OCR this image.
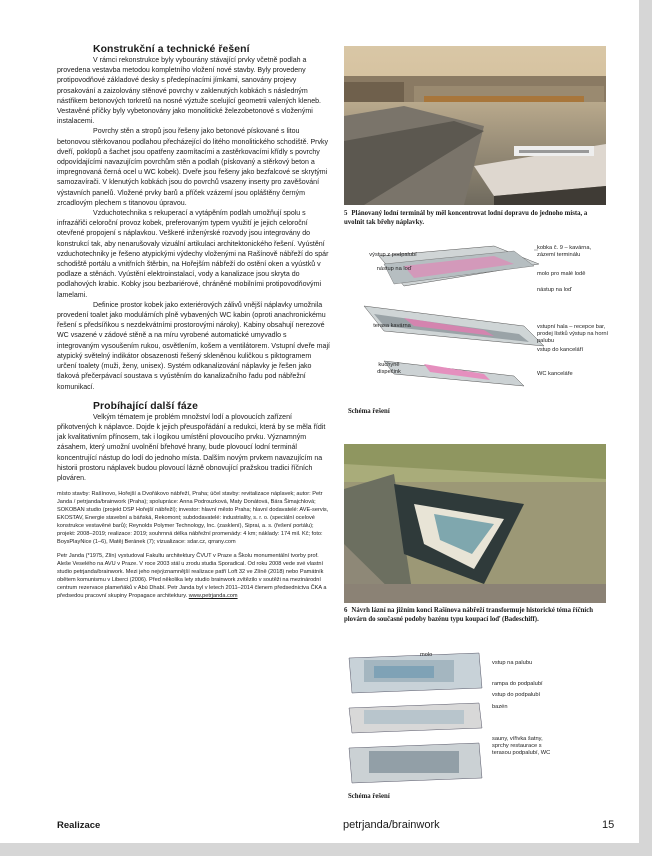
Konstrukční a technické řešení

V rámci rekonstrukce byly vybourány stávající prvky včetně podlah a provedena vestavba metodou kompletního vložení nové stavby. Byly provedeny protipovodňové základové desky s předepínacími jímkami, sanovány projevy prosakování a zaizolovány stěnové povrchy v zaklenutých kobkách s následným nástřikem betonových torkretů na nosné výztuže scelující geometrii valených kleneb. Vestavěné příčky byly vybetonovány jako monolitické železobetonové s vloženými instalacemi.

Povrchy stěn a stropů jsou řešeny jako betonové pískované s litou betonovou stěrkovanou podlahou přecházející do litého monolitického schodiště. Prvky dveří, poklopů a šachet jsou opatřeny zaomítacími a zastěrkovacími křídly s povrchy odpovídajícími navazujícím povrchům stěn a podlah (pískovaný a stěrkový beton a impregnovaná černá ocel u WC kobek). Dveře jsou řešeny jako bezfalcové se skrytými samozavírači. V klenutých kobkách jsou do povrchů vsazeny inserty pro zavěšování výstavních panelů. Vložené prvky barů a příček vzázemí jsou opláštěny černým zrcadlovým plechem s titanovou úpravou.

Vzduchotechnika s rekuperací a vytápěním podlah umožňují spolu s infrazářiči celoroční provoz kobek, preferovaným typem využití je jejich celoroční otevřené propojení s náplavkou. Veškeré inženýrské rozvody jsou integrovány do konstrukcí tak, aby nenarušovaly vizuální artikulaci architektonického řešení. Vyústění vzduchotechniky je řešeno atypickými výdechy vloženými na Rašínově nábřeží do spár schodiště portálu a vnitřních štěrbin, na Hořejším nábřeží do ostění oken a vyústků v podlaze a stěnách. Vyústění elektroinstalací, vody a kanalizace jsou skryta do podlahových krabic. Kobky jsou bezbariérové, chráněné mobilními protipovodňovými lamelami.

Definice prostor kobek jako exteriérových zálivů vnější náplavky umožnila provedení toalet jako modulárních plně vybavených WC kabin (oproti anachronickému řešení s předsíňkou s nezdekvátními prostorovými nároky). Kabiny obsahují nerezové WC vsazené v zádové stěně a na míru vyrobené automatické umyvadlo s integrovaným vysoušením rukou, osvětlením, košem a ventilátorem. Vstupní dveře mají atypický světelný indikátor obsazenosti řešený skleněnou kuličkou s piktogramem určení toalety (muži, ženy, unisex). Systém odkanalizování náplavky je řešen jako tlaková přečerpávací soustava s vyústěním do kanalizačního řadu pod nábřežní komunikací.

Probíhající další fáze

Velkým tématem je problém množství lodí a plovoucích zařízení přikotvených k náplavce. Dojde k jejich přeuspořádání a redukci, která by se měla řídit jak kvalitativním přínosem, tak i logikou umístění plovoucího prvku. Významným zásahem, který umožní uvolnění břehové hrany, bude plovoucí lodní terminál koncentrující nástup do lodí do jednoho místa. Dalším novým prvkem navazujícím na historii prostoru náplavek budou plovoucí lázně obnovující pražskou tradici říčních plováren.

místo stavby: Rašínovo, Hořejší a Dvořákovo nábřeží, Praha; účel stavby: revitalizace náplavek; autor: Petr Janda / petrjanda/brainwork (Praha); spolupráce: Anna Podrouzková, Maty Donátová, Bára Šimajchlová; SOKOBAN studio (projekt DSP Hořejší nábřeží); investor: hlavní město Praha; hlavní dodavatelé: AVE-servis, EKOSTAV, Energie stavební a báňská, Rekomont; subdodavatelé: industriality, s. r. o. (speciální ocelové konstrukce vestavěné barů); Reynolds Polymer Technology, Inc. (zasklení), Siprai, a. s. (řešení portálu); projekt: 2008–2019; realizace: 2019; souhrnná délka nábřežní promenády: 4 km; náklady: 174 mil. Kč; foto: BoysPlayNice (1–6), Matěj Beránek (7); vizualizace: sdar.cz, qrrany.com
Petr Janda (*1975, Zlín) vystudoval Fakultu architektury ČVUT v Praze a Školu monumentální tvorby prof. Aleše Veselého na AVU v Praze. V roce 2003 stál u zrodu studia Sporadical. Od roku 2008 vede své vlastní studio petrjanda/brainwork. Mezi jeho nejvýznamnější realizace patří Loft 32 ve Zlíně (2018) nebo Památník obětem komunismu v Liberci (2006). Před několika lety studio brainwork zvítězilo v soutěži na mezinárodní centrum rezervace plameňáků v Abú Dhabí. Petr Janda byl v letech 2011–2014 členem předsednictva ČKA a předsedou pracovní skupiny Propagace architektury. www.petrjanda.com
5 Plánovaný lodní terminál by měl koncentrovat lodní dopravu do jednoho místa, a uvolnit tak břehy náplavky.
výstup z podpalubí
nástup na loď
terasa kavárna
kuchyně dispečink
kobka č. 9 – kavárna, zázemí terminálu
molo pro malé lodě
nástup na loď
vstupní hala – recepce bar, prodej lístků výstup na horní palubu
vstup do kanceláří
WC kanceláře
Schéma řešení
6 Návrh lázní na jižním konci Rašínova nábřeží transformuje historické téma říčních plovárn do současné podoby bazénu typu koupací loď (Badeschiff).
molo
vstup na palubu
rampa do podpalubí
vstup do podpalubí
bazén
sauny, vířivka šatny, sprchy restaurace s terasou podpalubí, WC
Schéma řešení
Realizace	petrjanda/brainwork	15
